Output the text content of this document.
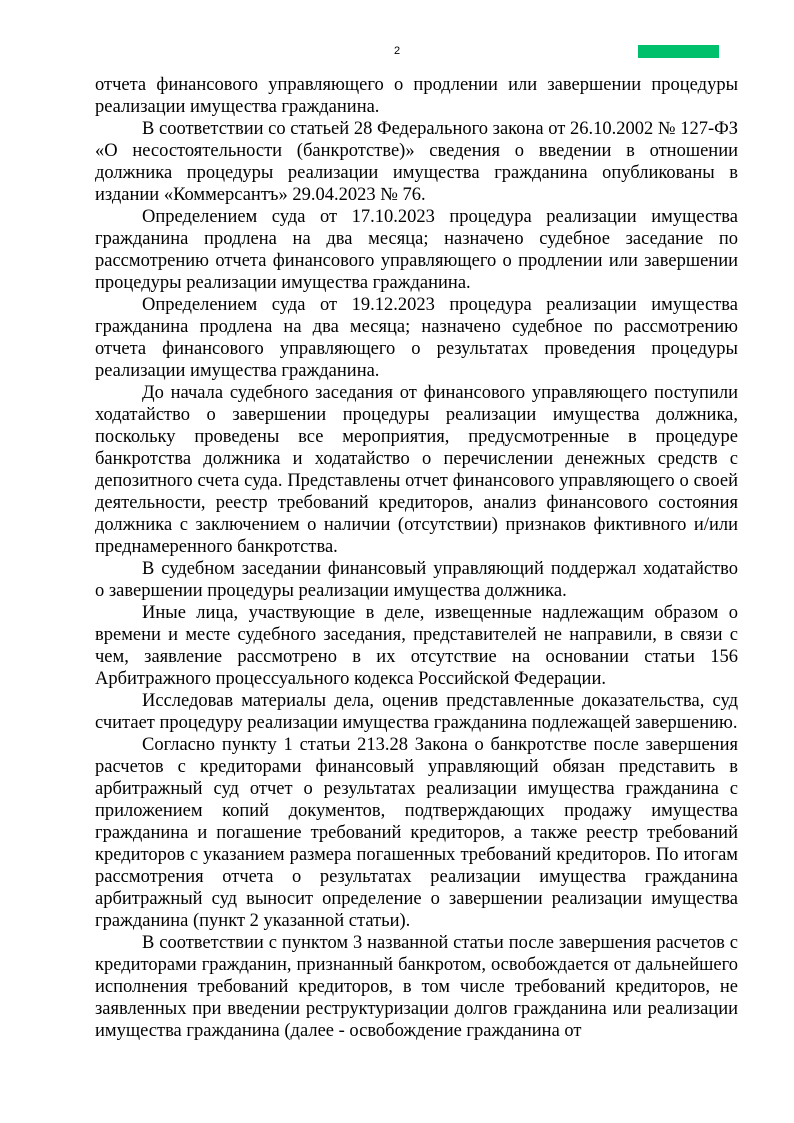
2

отчета финансового управляющего о продлении или завершении процедуры реализации имущества гражданина.

В соответствии со статьей 28 Федерального закона от 26.10.2002 № 127-ФЗ «О несостоятельности (банкротстве)» сведения о введении в отношении должника процедуры реализации имущества гражданина опубликованы в издании «Коммерсантъ» 29.04.2023 № 76.

Определением суда от 17.10.2023 процедура реализации имущества гражданина продлена на два месяца; назначено судебное заседание по рассмотрению отчета финансового управляющего о продлении или завершении процедуры реализации имущества гражданина.

Определением суда от 19.12.2023 процедура реализации имущества гражданина продлена на два месяца; назначено судебное по рассмотрению отчета финансового управляющего о результатах проведения процедуры реализации имущества гражданина.

До начала судебного заседания от финансового управляющего поступили ходатайство о завершении процедуры реализации имущества должника, поскольку проведены все мероприятия, предусмотренные в процедуре банкротства должника и ходатайство о перечислении денежных средств с депозитного счета суда. Представлены отчет финансового управляющего о своей деятельности, реестр требований кредиторов, анализ финансового состояния должника с заключением о наличии (отсутствии) признаков фиктивного и/или преднамеренного банкротства.

В судебном заседании финансовый управляющий поддержал ходатайство о завершении процедуры реализации имущества должника.

Иные лица, участвующие в деле, извещенные надлежащим образом о времени и месте судебного заседания, представителей не направили, в связи с чем, заявление рассмотрено в их отсутствие на основании статьи 156 Арбитражного процессуального кодекса Российской Федерации.

Исследовав материалы дела, оценив представленные доказательства, суд считает процедуру реализации имущества гражданина подлежащей завершению.

Согласно пункту 1 статьи 213.28 Закона о банкротстве после завершения расчетов с кредиторами финансовый управляющий обязан представить в арбитражный суд отчет о результатах реализации имущества гражданина с приложением копий документов, подтверждающих продажу имущества гражданина и погашение требований кредиторов, а также реестр требований кредиторов с указанием размера погашенных требований кредиторов. По итогам рассмотрения отчета о результатах реализации имущества гражданина арбитражный суд выносит определение о завершении реализации имущества гражданина (пункт 2 указанной статьи).

В соответствии с пунктом 3 названной статьи после завершения расчетов с кредиторами гражданин, признанный банкротом, освобождается от дальнейшего исполнения требований кредиторов, в том числе требований кредиторов, не заявленных при введении реструктуризации долгов гражданина или реализации имущества гражданина (далее - освобождение гражданина от
